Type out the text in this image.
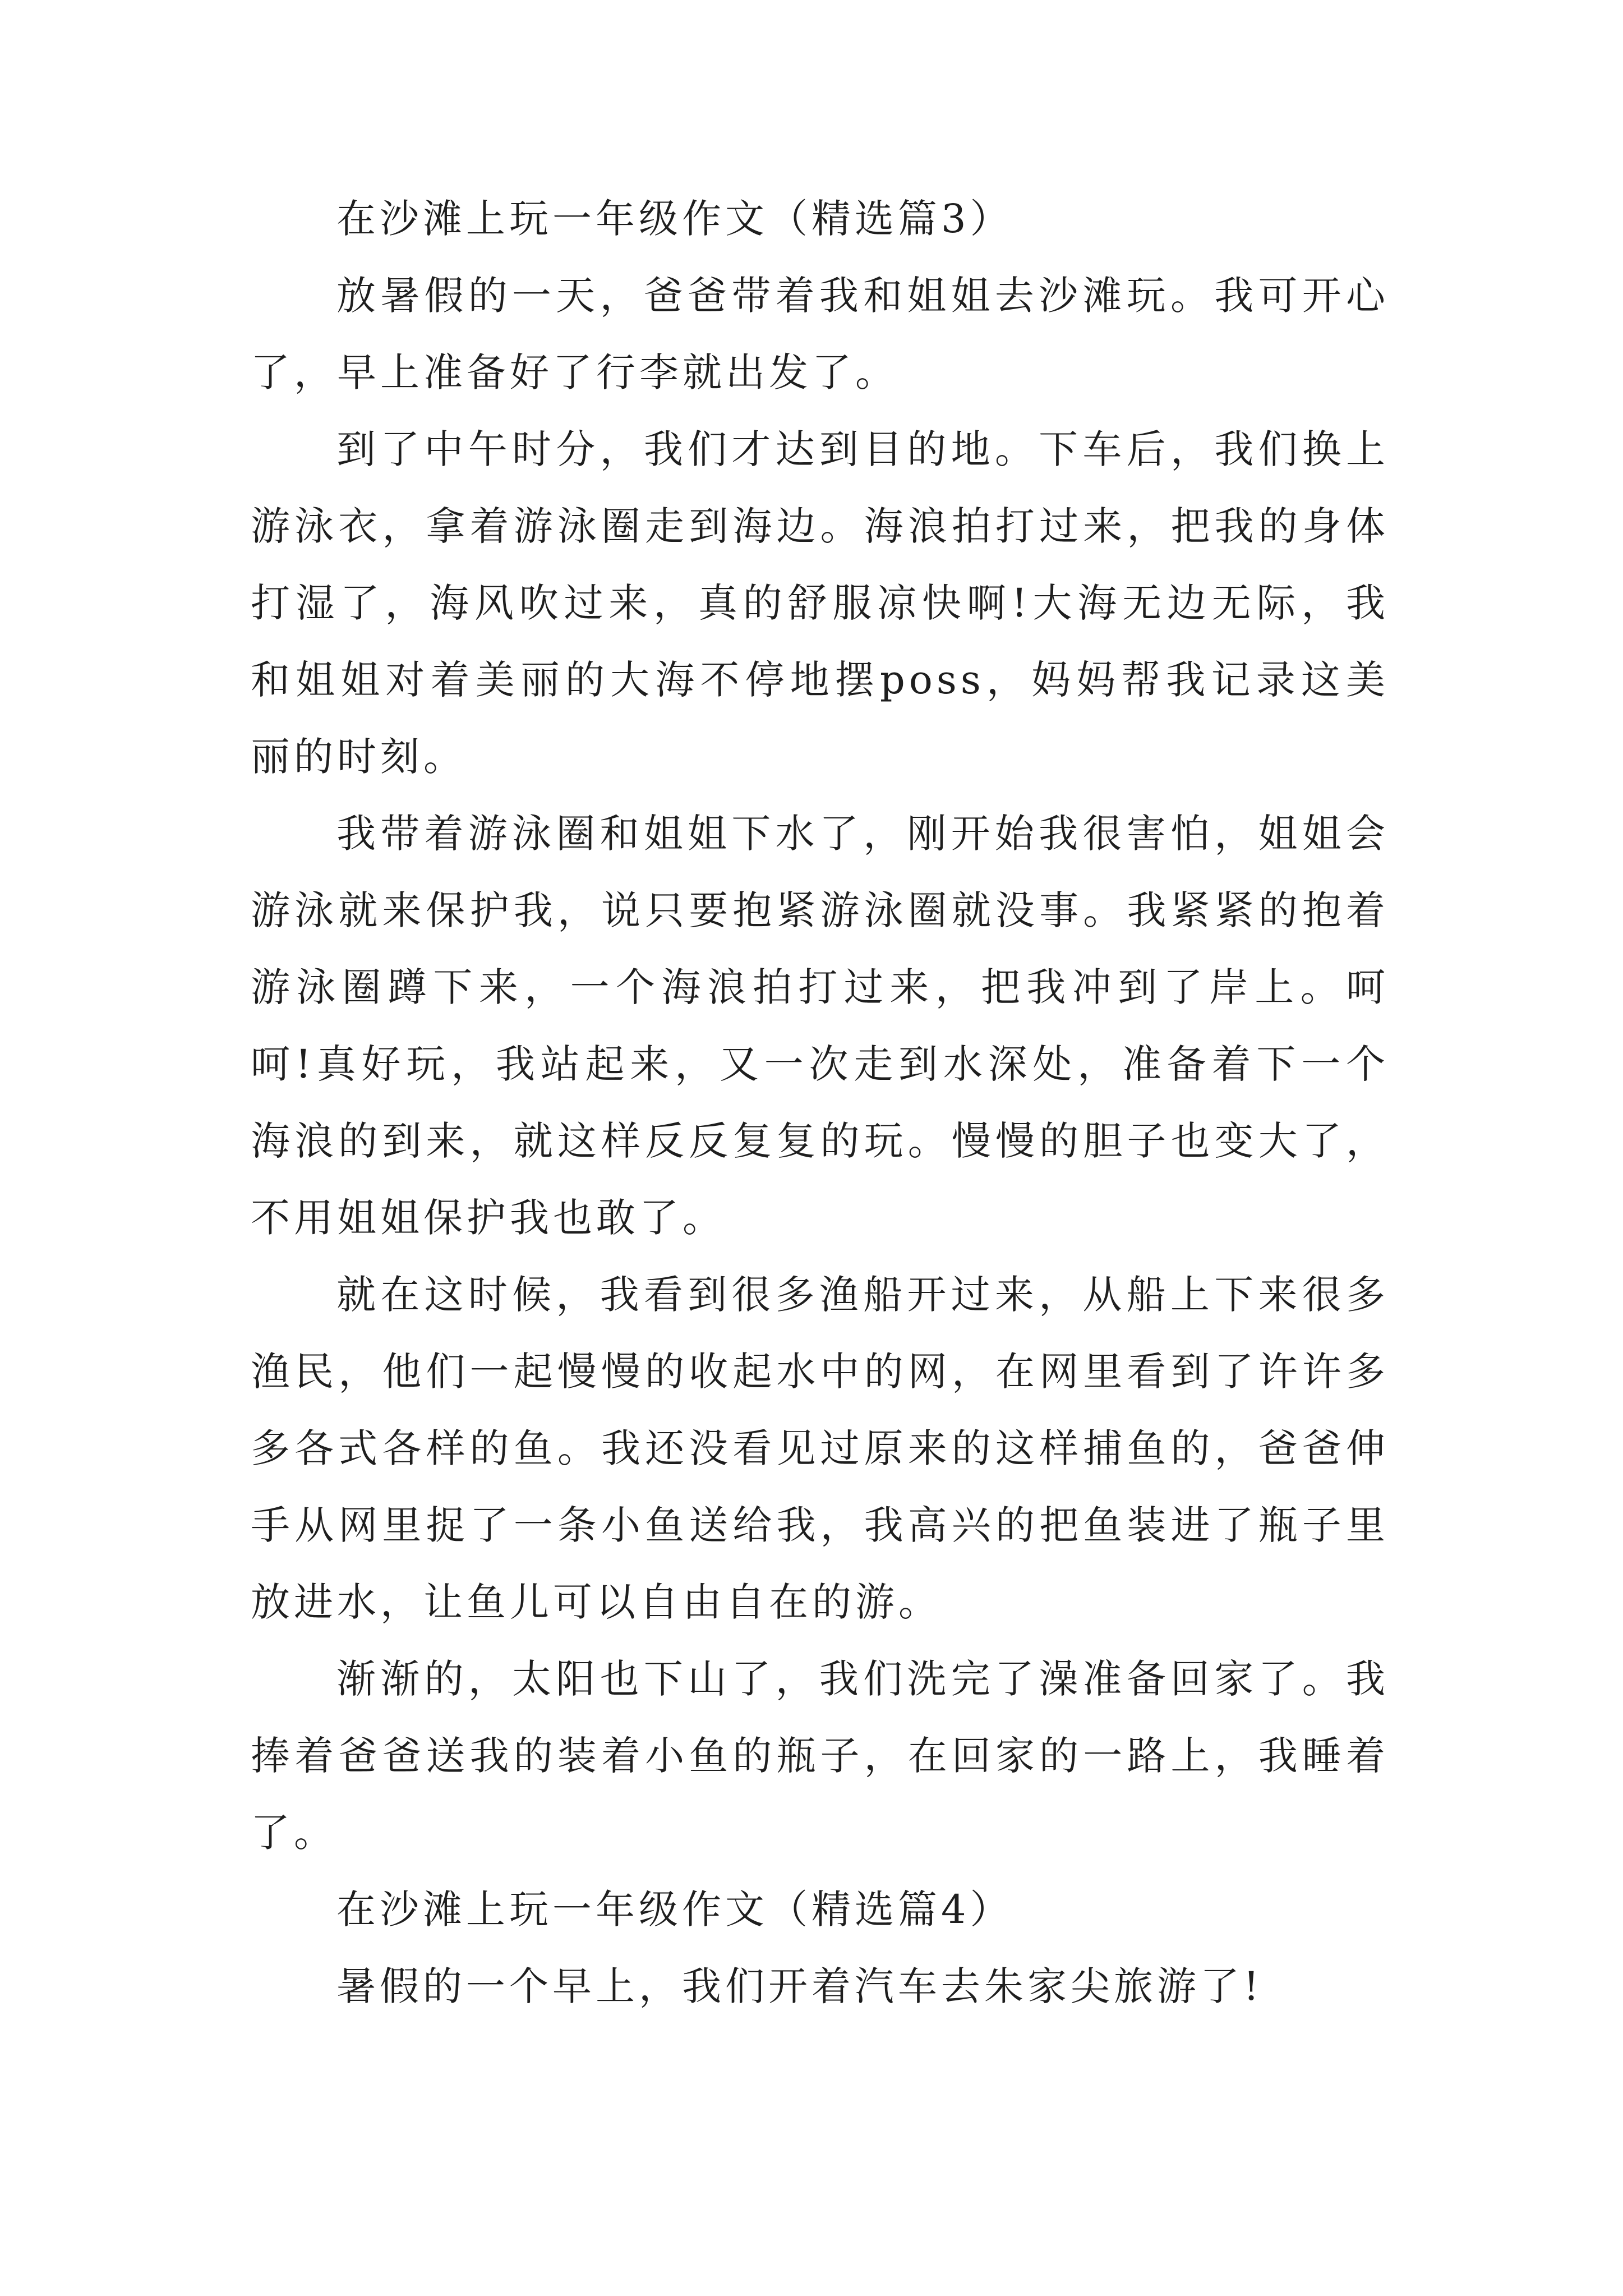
在沙滩上玩一年级作文（精选篇3）

放暑假的一天，爸爸带着我和姐姐去沙滩玩。我可开心了，早上准备好了行李就出发了。

到了中午时分，我们才达到目的地。下车后，我们换上游泳衣，拿着游泳圈走到海边。海浪拍打过来，把我的身体打湿了，海风吹过来，真的舒服凉快啊!大海无边无际，我和姐姐对着美丽的大海不停地摆poss，妈妈帮我记录这美丽的时刻。

我带着游泳圈和姐姐下水了，刚开始我很害怕，姐姐会游泳就来保护我，说只要抱紧游泳圈就没事。我紧紧的抱着游泳圈蹲下来，一个海浪拍打过来，把我冲到了岸上。呵呵!真好玩，我站起来，又一次走到水深处，准备着下一个海浪的到来，就这样反反复复的玩。慢慢的胆子也变大了，不用姐姐保护我也敢了。

就在这时候，我看到很多渔船开过来，从船上下来很多渔民，他们一起慢慢的收起水中的网，在网里看到了许许多多各式各样的鱼。我还没看见过原来的这样捕鱼的，爸爸伸手从网里捉了一条小鱼送给我，我高兴的把鱼装进了瓶子里放进水，让鱼儿可以自由自在的游。

渐渐的，太阳也下山了，我们洗完了澡准备回家了。我捧着爸爸送我的装着小鱼的瓶子，在回家的一路上，我睡着了。

在沙滩上玩一年级作文（精选篇4）

暑假的一个早上，我们开着汽车去朱家尖旅游了!
